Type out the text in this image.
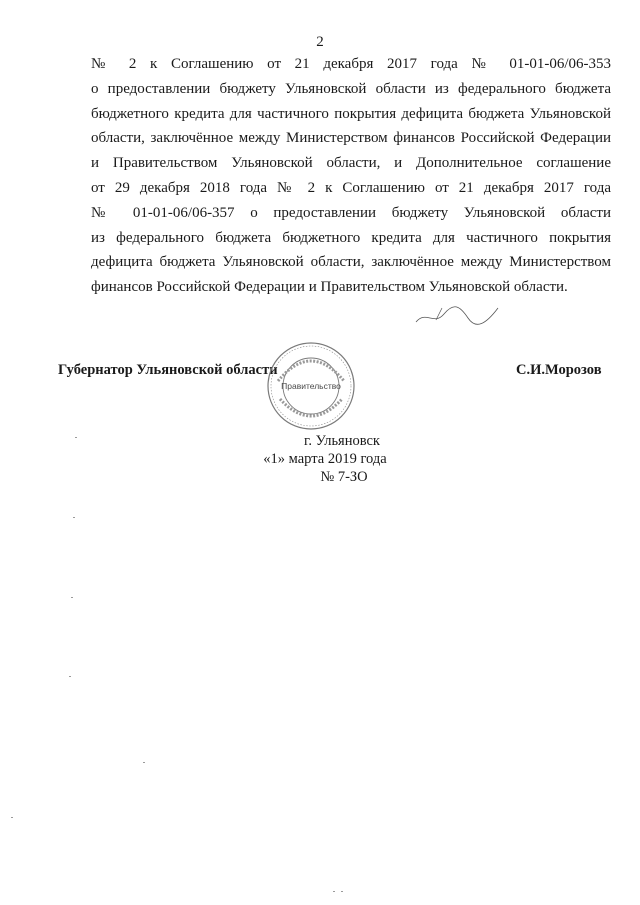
2
№ 2 к Соглашению от 21 декабря 2017 года № 01-01-06/06-353
о предоставлении бюджету Ульяновской области из федерального бюджета
бюджетного кредита для частичного покрытия дефицита бюджета Ульяновской
области, заключённое между Министерством финансов Российской Федерации
и Правительством Ульяновской области, и Дополнительное соглашение
от 29 декабря 2018 года № 2 к Соглашению от 21 декабря 2017 года
№ 01-01-06/06-357 о предоставлении бюджету Ульяновской области
из федерального бюджета бюджетного кредита для частичного покрытия
дефицита бюджета Ульяновской области, заключённое между Министерством
финансов Российской Федерации и Правительством Ульяновской области.
Губернатор Ульяновской области
Правительство
С.И.Морозов
г. Ульяновск
«1» марта 2019 года
№ 7-ЗО
